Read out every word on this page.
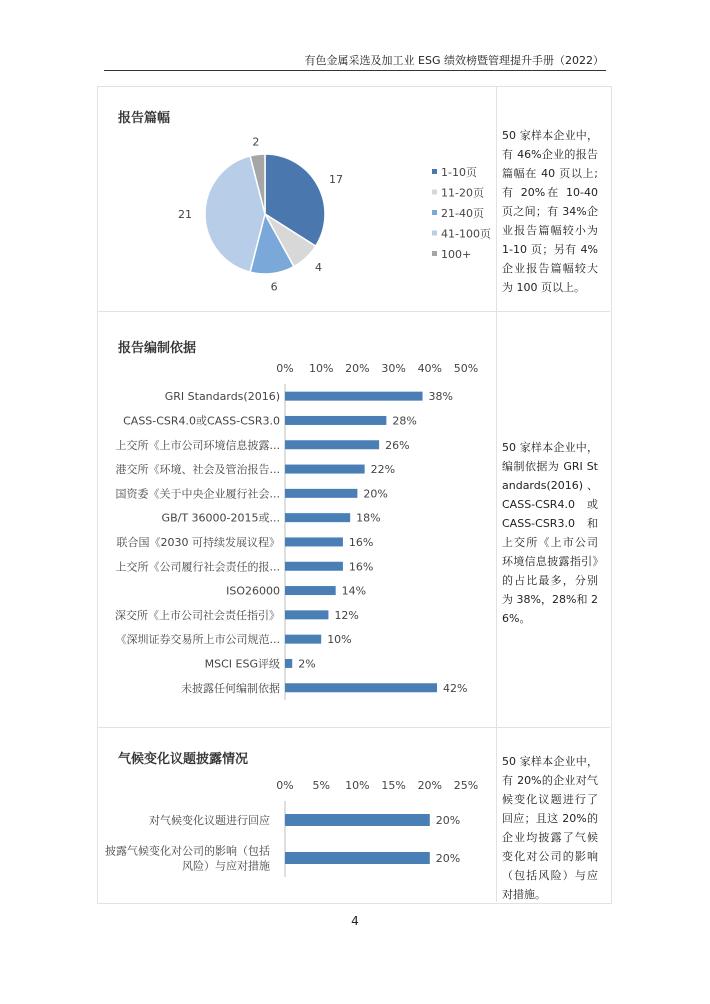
有色金属采选及加工业 ESG 绩效榜暨管理提升手册（2022）
报告篇幅
报告编制依据
气候变化议题披露情况
50 家样本企业中，有 46%企业的报告篇幅在 40 页以上;有 20%在 10-40 页之间；有 34%企业报告篇幅较小为 1-10 页；另有 4%企业报告篇幅较大为 100 页以上。
50 家样本企业中，编制依据为 GRI Standards(2016)、CASS-CSR4.0 或 CASS-CSR3.0 和上交所《上市公司环境信息披露指引》的占比最多，分别为 38%，28%和 26%。
50 家样本企业中，有 20%的企业对气候变化议题进行了回应；且这 20%的企业均披露了气候变化对公司的影响（包括风险）与应对措施。
17
4
6
21
2
1-10页
11-20页
21-40页
41-100页
100+
0% 10% 20% 30% 40% 50%
38%
GRI Standards(2016)
28%
CASS-CSR4.0或CASS-CSR3.0
26%
上交所《上市公司环境信息披露...
22%
港交所《环境、社会及管治报告...
20%
国资委《关于中央企业履行社会...
18%
GB/T 36000-2015或...
16%
联合国《2030 可持续发展议程》
16%
上交所《公司履行社会责任的报...
14%
ISO26000
12%
深交所《上市公司社会责任指引》
10%
《深圳证券交易所上市公司规范...
2%
MSCI ESG评级
42%
未披露任何编制依据
0% 5% 10% 15% 20% 25%
20%
对气候变化议题进行回应
20%
披露气候变化对公司的影响（包括
风险）与应对措施
4
